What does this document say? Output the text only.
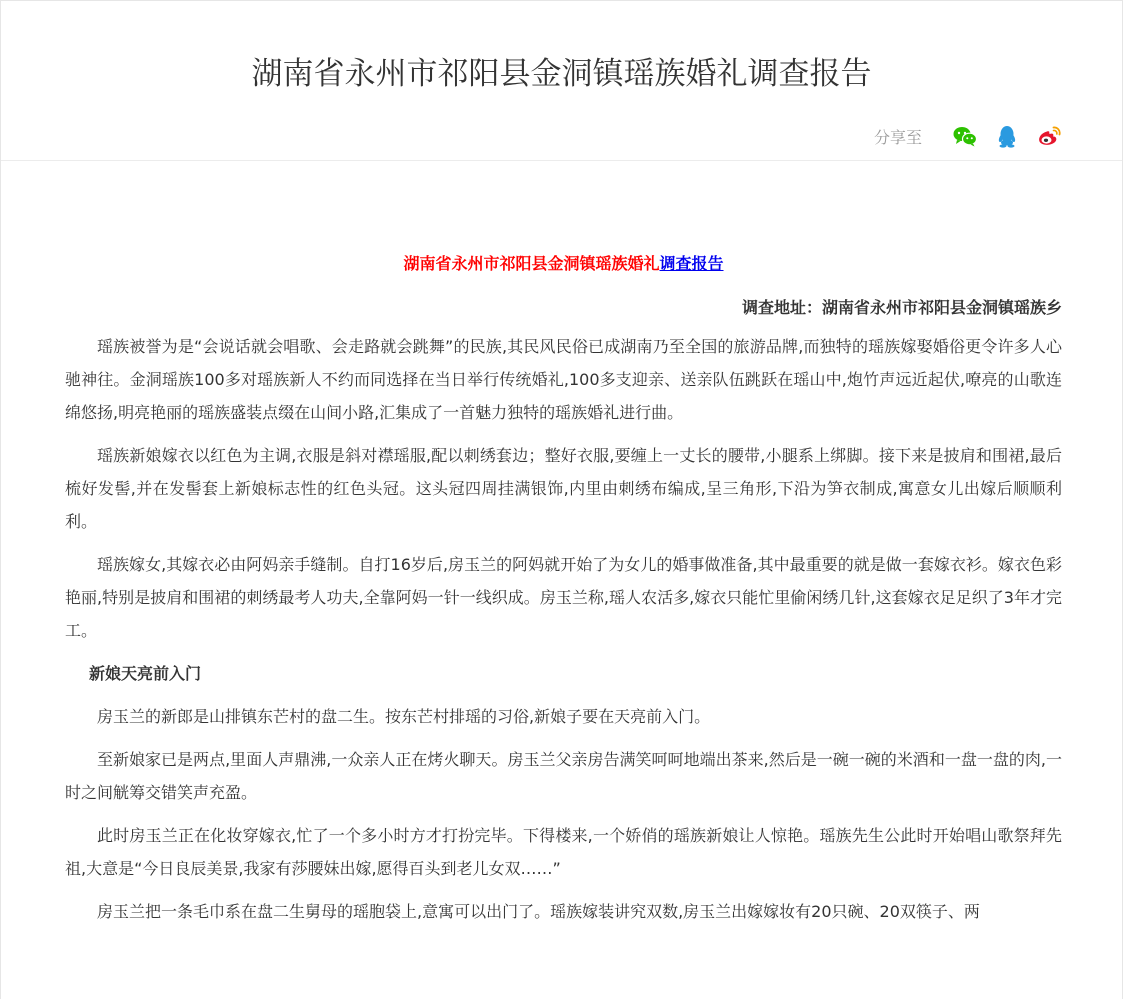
湖南省永州市祁阳县金洞镇瑶族婚礼调查报告
分享至

湖南省永州市祁阳县金洞镇瑶族婚礼调查报告

调查地址：湖南省永州市祁阳县金洞镇瑶族乡

瑶族被誉为是“会说话就会唱歌、会走路就会跳舞”的民族,其民风民俗已成湖南乃至全国的旅游品牌,而独特的瑶族嫁娶婚俗更令许多人心驰神往。金洞瑶族100多对瑶族新人不约而同选择在当日举行传统婚礼,100多支迎亲、送亲队伍跳跃在瑶山中,炮竹声远近起伏,嘹亮的山歌连绵悠扬,明亮艳丽的瑶族盛装点缀在山间小路,汇集成了一首魅力独特的瑶族婚礼进行曲。

瑶族新娘嫁衣以红色为主调,衣服是斜对襟瑶服,配以刺绣套边；整好衣服,要缠上一丈长的腰带,小腿系上绑脚。接下来是披肩和围裙,最后梳好发髻,并在发髻套上新娘标志性的红色头冠。这头冠四周挂满银饰,内里由刺绣布编成,呈三角形,下沿为笋衣制成,寓意女儿出嫁后顺顺利利。

瑶族嫁女,其嫁衣必由阿妈亲手缝制。自打16岁后,房玉兰的阿妈就开始了为女儿的婚事做准备,其中最重要的就是做一套嫁衣衫。嫁衣色彩艳丽,特别是披肩和围裙的刺绣最考人功夫,全靠阿妈一针一线织成。房玉兰称,瑶人农活多,嫁衣只能忙里偷闲绣几针,这套嫁衣足足织了3年才完工。

新娘天亮前入门

房玉兰的新郎是山排镇东芒村的盘二生。按东芒村排瑶的习俗,新娘子要在天亮前入门。

至新娘家已是两点,里面人声鼎沸,一众亲人正在烤火聊天。房玉兰父亲房告满笑呵呵地端出茶来,然后是一碗一碗的米酒和一盘一盘的肉,一时之间觥筹交错笑声充盈。

此时房玉兰正在化妆穿嫁衣,忙了一个多小时方才打扮完毕。下得楼来,一个娇俏的瑶族新娘让人惊艳。瑶族先生公此时开始唱山歌祭拜先祖,大意是“今日良辰美景,我家有莎腰妹出嫁,愿得百头到老儿女双……”

房玉兰把一条毛巾系在盘二生舅母的瑶胞袋上,意寓可以出门了。瑶族嫁装讲究双数,房玉兰出嫁嫁妆有20只碗、20双筷子、两
